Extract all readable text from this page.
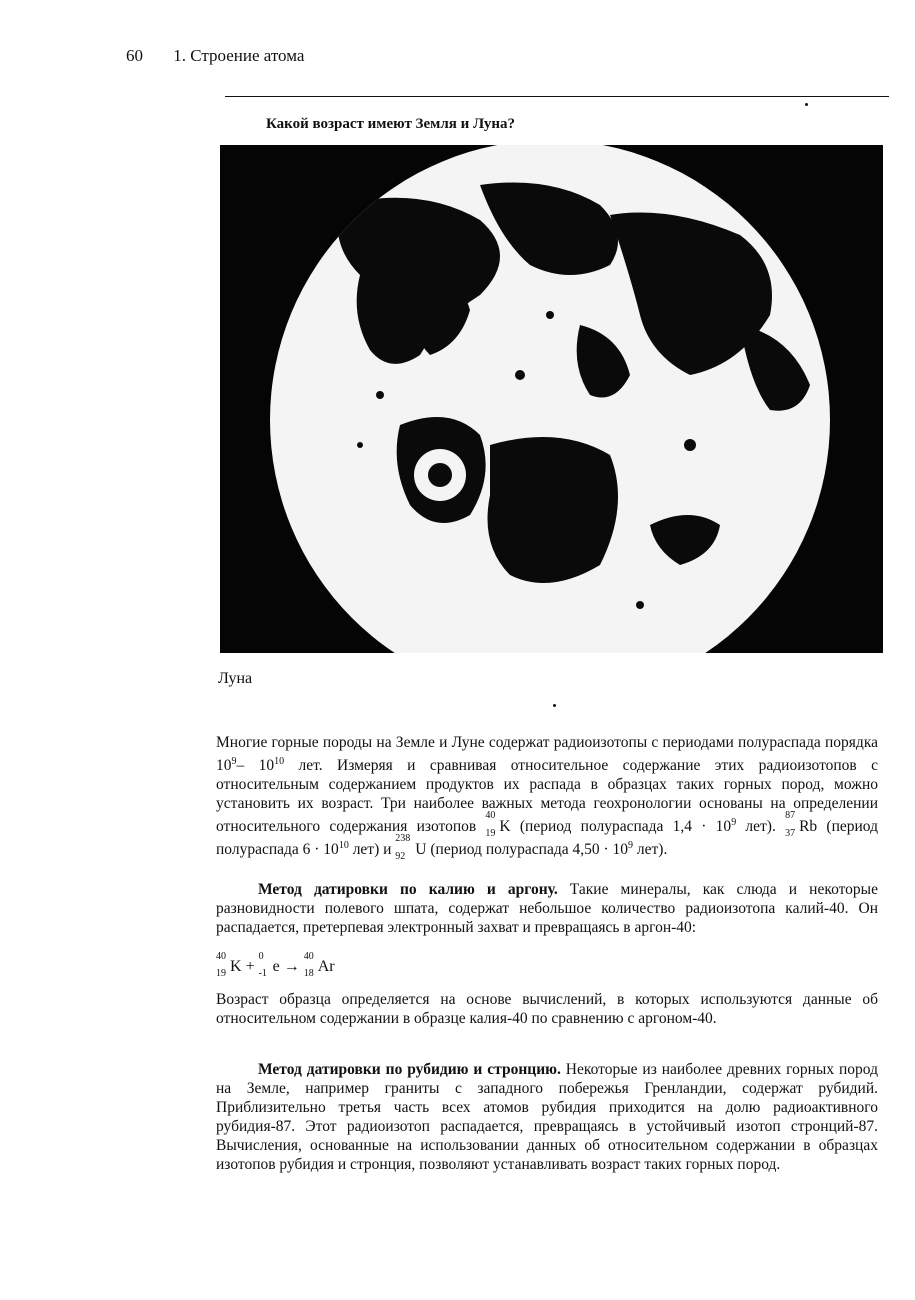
60 1. Строение атома
Какой возраст имеют Земля и Луна?
Луна
Многие горные породы на Земле и Луне содержат радиоизотопы с периодами полураспада порядка $10^9-$ $10^{10}$ лет. Измеряя и сравнивая относительное содержание этих радиоизотопов с относительным содержанием продуктов их распада в образцах таких горных пород, можно установить их возраст. Три наиболее важных метода геохронологии основаны на определении относительного содержания изотопов
40
19 K (период полураспада $1,4 \cdot 10^9$ лет).
87
37 Rb (период полураспада $6 \cdot 10^{10}$ лет) и
238
92 U (период полураспада $4,50 \cdot 10^9$ лет).
Метод датировки по калию и аргону. Такие минералы, как слюда и некоторые разновидности полевого шпата, содержат небольшое количество радиоизотопа калий-40. Он распадается, претерпевая электронный захват и превращаясь в аргон-40:
40
19 K +
0
-1 e →
40
18 Ar
Возраст образца определяется на основе вычислений, в которых используются данные об относительном содержании в образце калия-40 по сравнению с аргоном-40.
Метод датировки по рубидию и стронцию. Некоторые из наиболее древних горных пород на Земле, например граниты с западного побережья Гренландии, содержат рубидий. Приблизительно третья часть всех атомов рубидия приходится на долю радиоактивного рубидия-87. Этот радиоизотоп распадается, превращаясь в устойчивый изотоп стронций-87. Вычисления, основанные на использовании данных об относительном содержании в образцах изотопов рубидия и стронция, позволяют устанавливать возраст таких горных пород.
